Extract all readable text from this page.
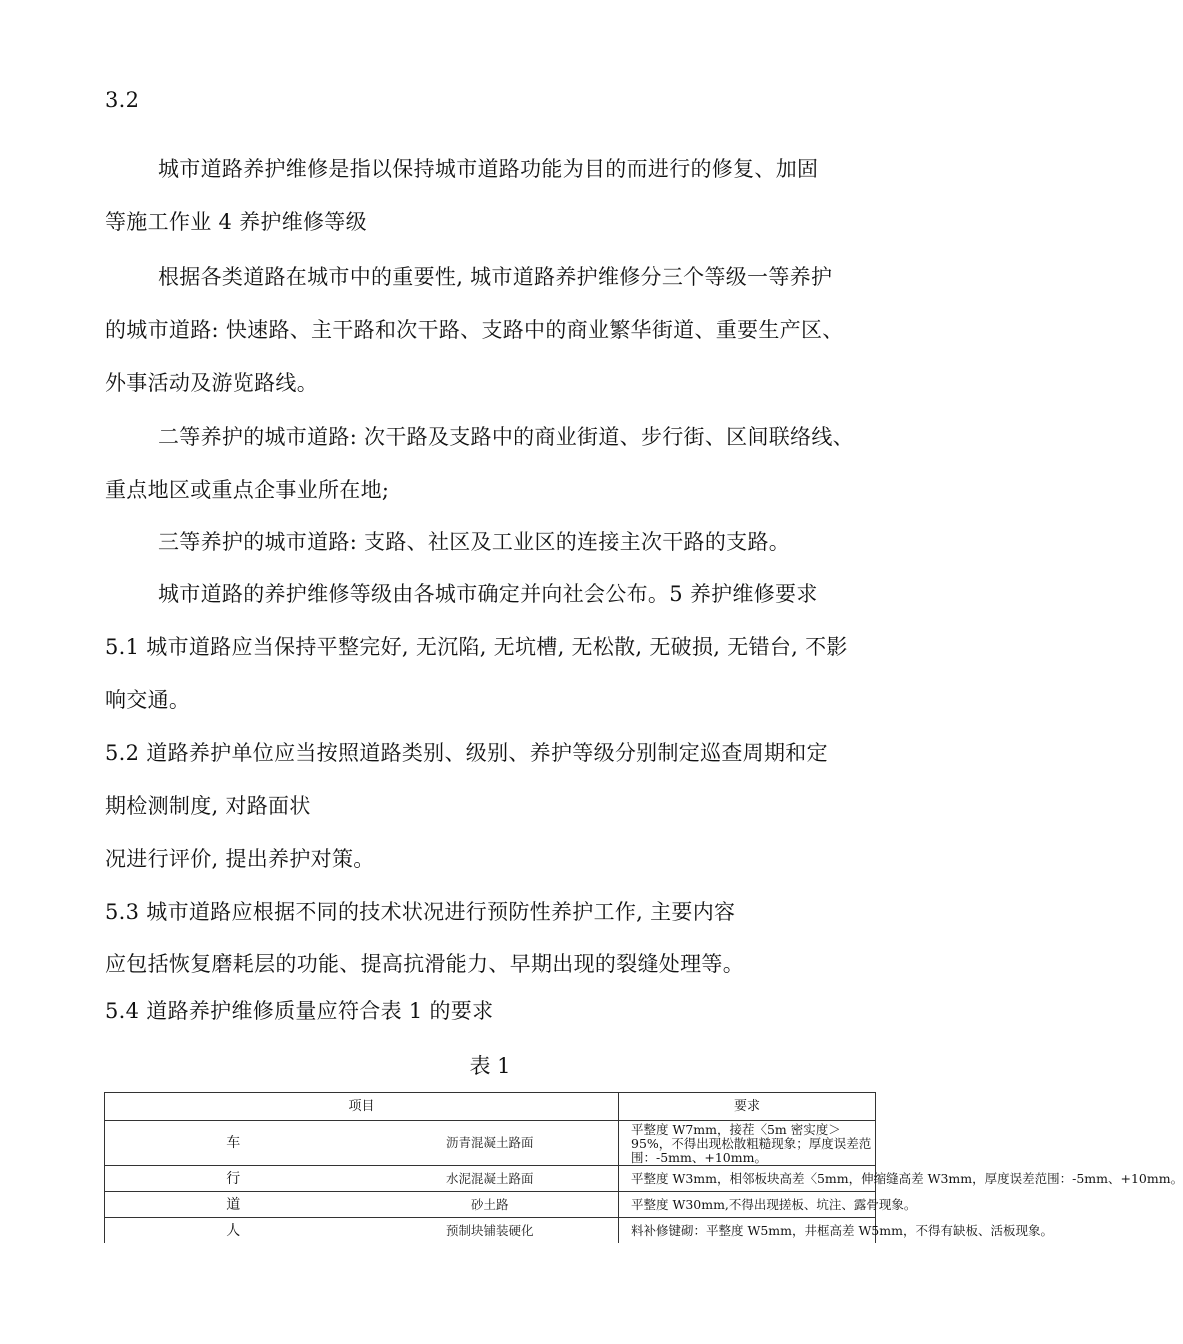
3.2
城市道路养护维修是指以保持城市道路功能为目的而进行的修复、加固
等施工作业 4 养护维修等级
根据各类道路在城市中的重要性, 城市道路养护维修分三个等级一等养护
的城市道路: 快速路、主干路和次干路、支路中的商业繁华街道、重要生产区、
外事活动及游览路线。
二等养护的城市道路: 次干路及支路中的商业街道、步行街、区间联络线、
重点地区或重点企事业所在地;
三等养护的城市道路: 支路、社区及工业区的连接主次干路的支路。
城市道路的养护维修等级由各城市确定并向社会公布。5 养护维修要求
5.1 城市道路应当保持平整完好, 无沉陷, 无坑槽, 无松散, 无破损, 无错台, 不影
响交通。
5.2 道路养护单位应当按照道路类别、级别、养护等级分别制定巡查周期和定
期检测制度, 对路面状
况进行评价, 提出养护对策。
5.3 城市道路应根据不同的技术状况进行预防性养护工作, 主要内容
应包括恢复磨耗层的功能、提高抗滑能力、早期出现的裂缝处理等。
5.4 道路养护维修质量应符合表 1 的要求
表 1
项目		要求
车	沥青混凝土路面	平整度 W7mm，接茬〈5m 密实度＞95%，不得出现松散粗糙现象；厚度误差范围：-5mm、+10mm。
行	水泥混凝土路面	平整度 W3mm，相邻板块高差〈5mm，伸缩缝高差 W3mm，厚度误差范围：-5mm、+10mm。
道	砂土路	平整度 W30mm,不得出现搓板、坑注、露骨现象。
人	预制块铺装硬化	料补修键砌：平整度 W5mm，井框高差 W5mm，不得有缺板、活板现象。
